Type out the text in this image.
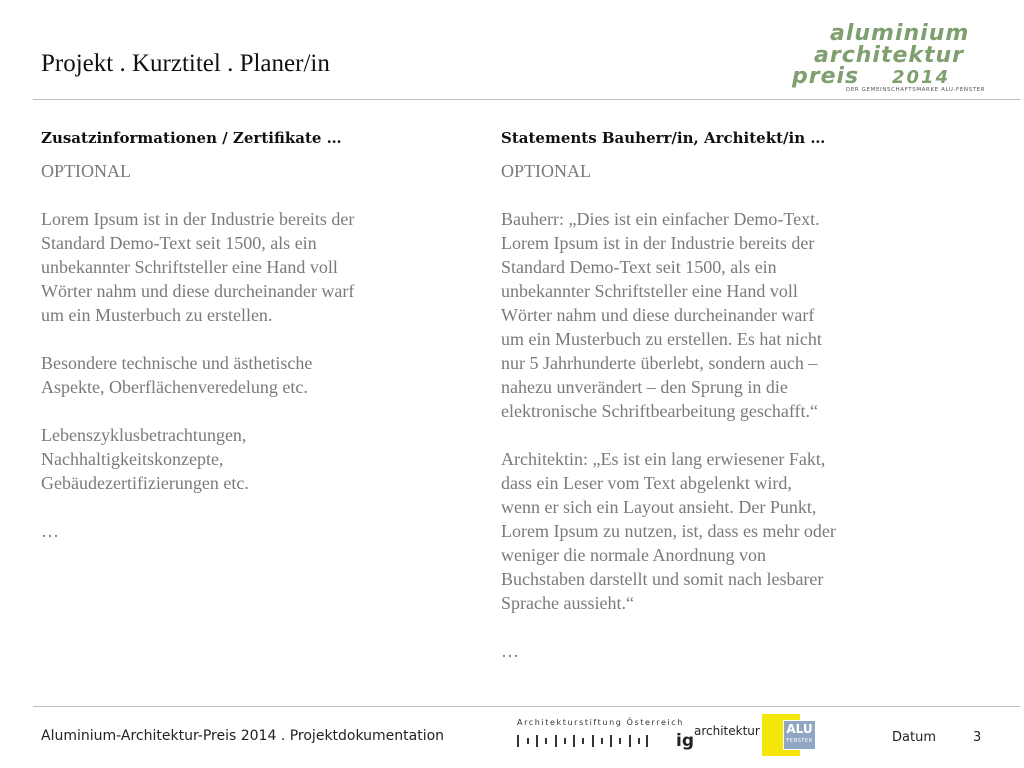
Projekt . Kurztitel . Planer/in
aluminium
architektur
preis 2014
DER GEMEINSCHAFTSMARKE ALU-FENSTER
Zusatzinformationen / Zertifikate …

OPTIONAL

Lorem Ipsum ist in der Industrie bereits der
Standard Demo-Text seit 1500, als ein
unbekannter Schriftsteller eine Hand voll
Wörter nahm und diese durcheinander warf
um ein Musterbuch zu erstellen.

Besondere technische und ästhetische
Aspekte, Oberflächenveredelung etc.

Lebenszyklusbetrachtungen,
Nachhaltigkeitskonzepte,
Gebäudezertifizierungen etc.

…

Statements Bauherr/in, Architekt/in …

OPTIONAL

Bauherr: „Dies ist ein einfacher Demo-Text.
Lorem Ipsum ist in der Industrie bereits der
Standard Demo-Text seit 1500, als ein
unbekannter Schriftsteller eine Hand voll
Wörter nahm und diese durcheinander warf
um ein Musterbuch zu erstellen. Es hat nicht
nur 5 Jahrhunderte überlebt, sondern auch –
nahezu unverändert – den Sprung in die
elektronische Schriftbearbeitung geschafft.“

Architektin: „Es ist ein lang erwiesener Fakt,
dass ein Leser vom Text abgelenkt wird,
wenn er sich ein Layout ansieht. Der Punkt,
Lorem Ipsum zu nutzen, ist, dass es mehr oder
weniger die normale Anordnung von
Buchstaben darstellt und somit nach lesbarer
Sprache aussieht.“

…

Aluminium-Architektur-Preis 2014 . Projektdokumentation
Architekturstiftung Österreich
$ig^{architektur}$ ALU
FENSTER	Datum	3
